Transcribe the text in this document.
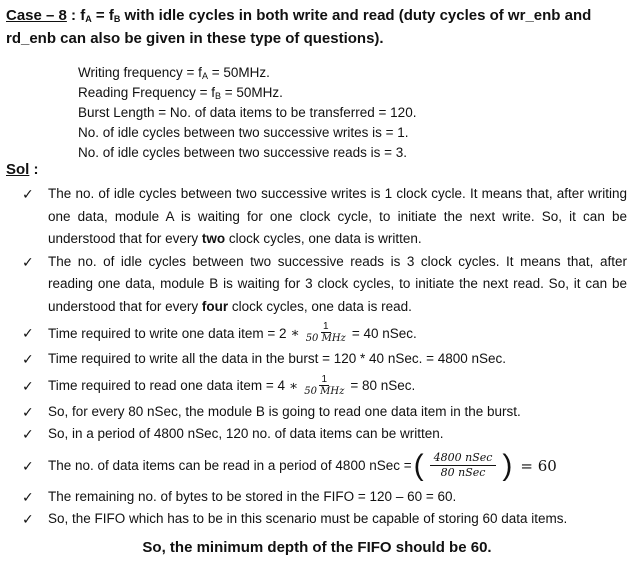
Case – 8 : $f_A = f_B$ with idle cycles in both write and read (duty cycles of wr_enb and rd_enb can also be given in these type of questions).
Writing frequency = $f_A = 50MHz$.
Reading Frequency = $f_B = 50MHz$.
Burst Length = No. of data items to be transferred = 120.
No. of idle cycles between two successive writes is = 1.
No. of idle cycles between two successive reads is = 3.
Sol :
✓ The no. of idle cycles between two successive writes is 1 clock cycle. It means that, after writing one data, module A is waiting for one clock cycle, to initiate the next write. So, it can be understood that for every two clock cycles, one data is written.
✓ The no. of idle cycles between two successive reads is 3 clock cycles. It means that, after reading one data, module B is waiting for 3 clock cycles, to initiate the next read. So, it can be understood that for every four clock cycles, one data is read.
✓ Time required to write one data item = 2 ∗ $\frac{1}{\text{50 MHz}} = 40$ nSec.
✓ Time required to write all the data in the burst = 120 * 40 nSec. = 4800 nSec.
✓ Time required to read one data item = 4 ∗ $\frac{1}{\text{50 MHz}} = 80$ nSec.
✓ So, for every 80 nSec, the module B is going to read one data item in the burst.
✓ So, in a period of 4800 nSec, 120 no. of data items can be written.
✓ The no. of data items can be read in a period of 4800 nSec = ( $\frac{\text{4800 nSec}}{\text{80 nSec}}$ ) = 60
✓ The remaining no. of bytes to be stored in the FIFO = 120 – 60 = 60.
✓ So, the FIFO which has to be in this scenario must be capable of storing 60 data items.
So, the minimum depth of the FIFO should be 60.
